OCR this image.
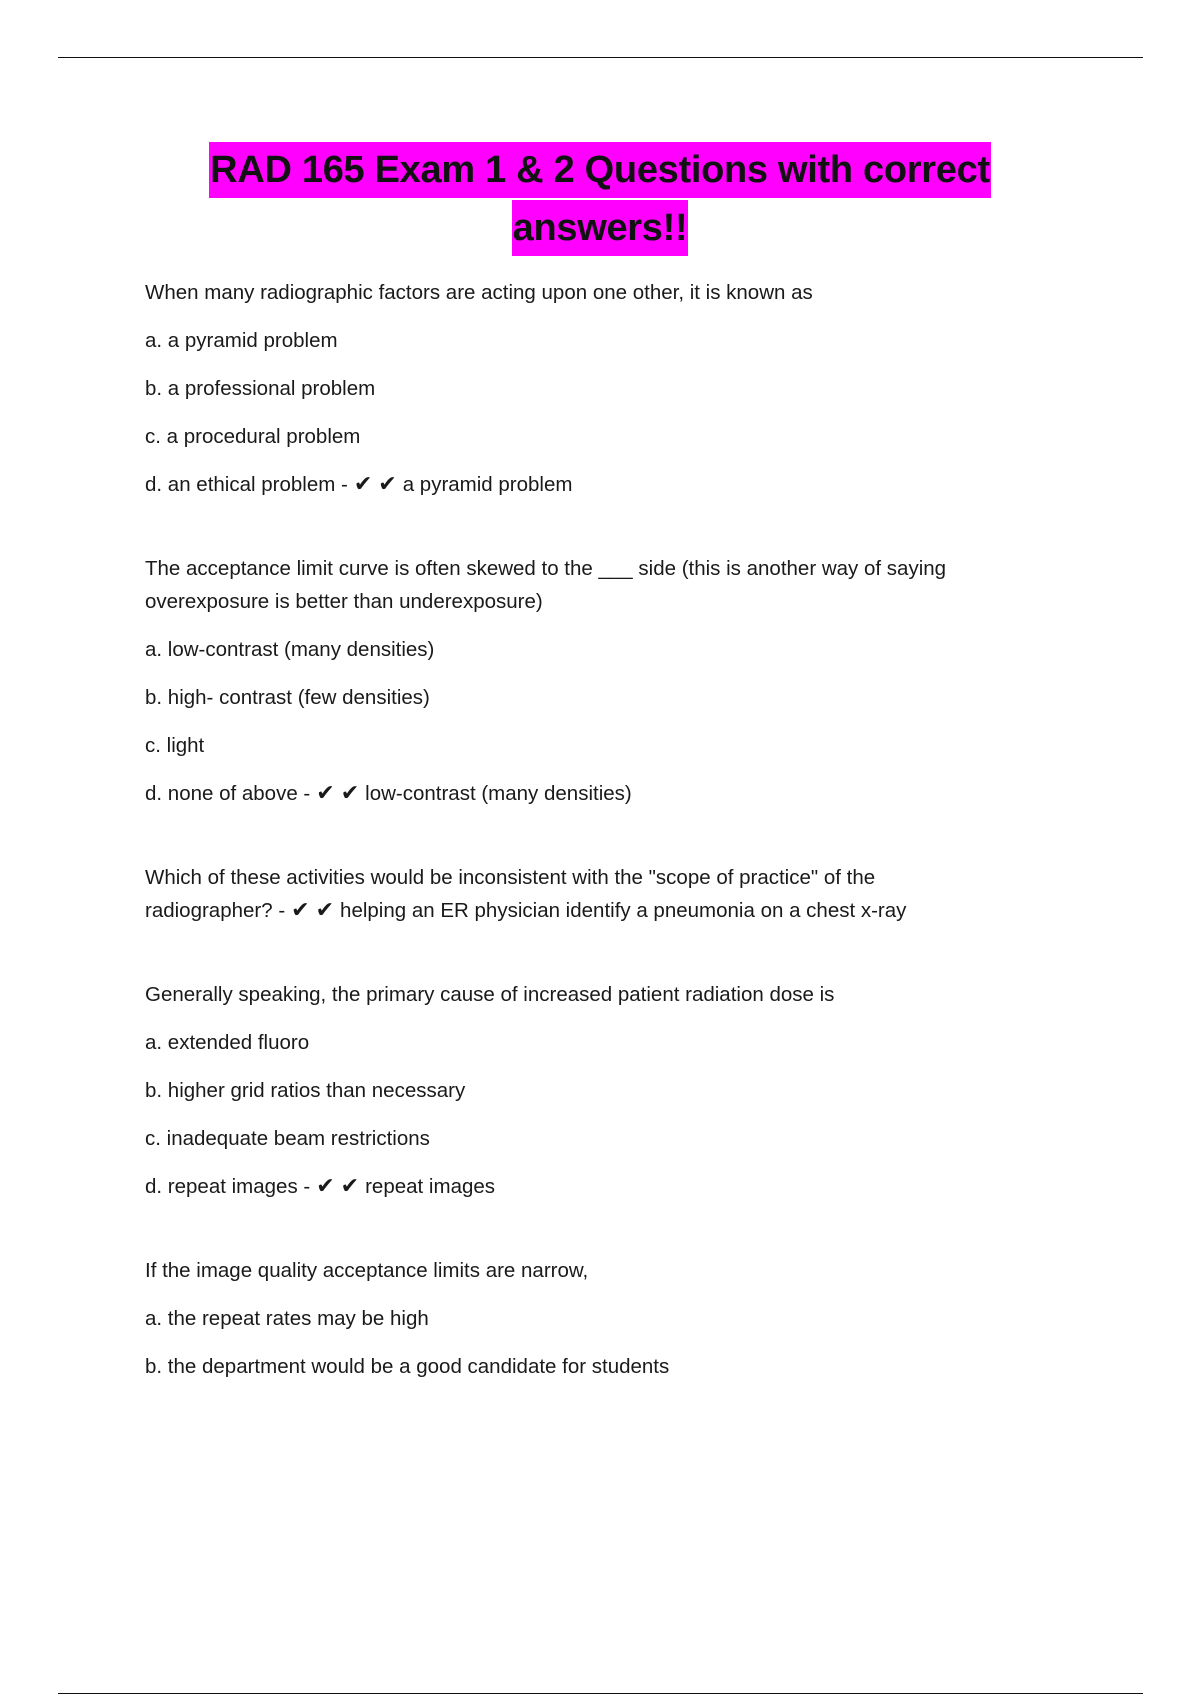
RAD 165 Exam 1 & 2 Questions with correct
answers!!

When many radiographic factors are acting upon one other, it is known as

a. a pyramid problem

b. a professional problem

c. a procedural problem

d. an ethical problem - ✔✔a pyramid problem

The acceptance limit curve is often skewed to the ___ side (this is another way of saying

overexposure is better than underexposure)

a. low-contrast (many densities)

b. high- contrast (few densities)

c. light

d. none of above - ✔✔low-contrast (many densities)

Which of these activities would be inconsistent with the "scope of practice" of the

radiographer? - ✔✔helping an ER physician identify a pneumonia on a chest x-ray

Generally speaking, the primary cause of increased patient radiation dose is

a. extended fluoro

b. higher grid ratios than necessary

c. inadequate beam restrictions

d. repeat images - ✔✔repeat images

If the image quality acceptance limits are narrow,

a. the repeat rates may be high

b. the department would be a good candidate for students
